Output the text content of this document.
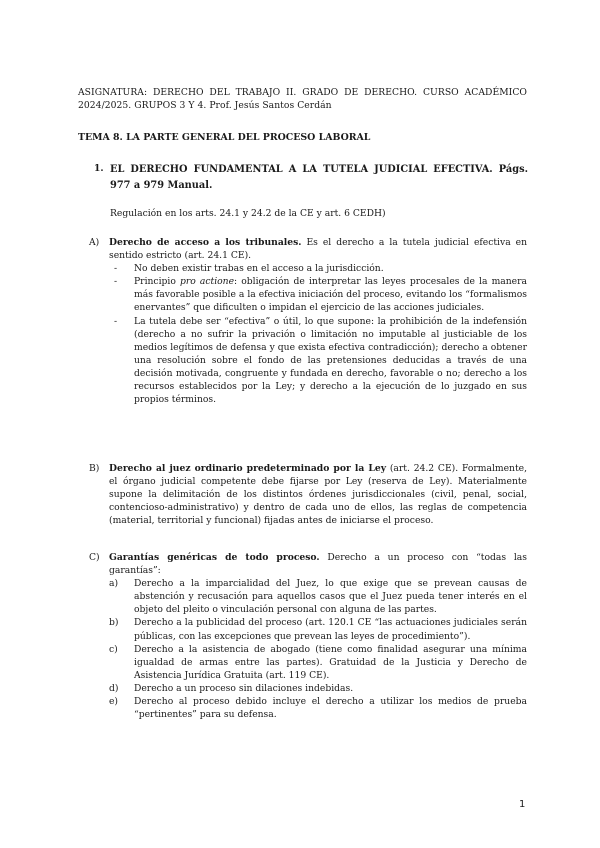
ASIGNATURA: DERECHO DEL TRABAJO II. GRADO DE DERECHO. CURSO ACADÉMICO 2024/2025. GRUPOS 3 Y 4. Prof. Jesús Santos Cerdán
TEMA 8. LA PARTE GENERAL DEL PROCESO LABORAL
1. EL DERECHO FUNDAMENTAL A LA TUTELA JUDICIAL EFECTIVA. Págs. 977 a 979 Manual.
Regulación en los arts. 24.1 y 24.2 de la CE y art. 6 CEDH)
A) Derecho de acceso a los tribunales. Es el derecho a la tutela judicial efectiva en sentido estricto (art. 24.1 CE).
- No deben existir trabas en el acceso a la jurisdicción.
- Principio pro actione: obligación de interpretar las leyes procesales de la manera más favorable posible a la efectiva iniciación del proceso, evitando los “formalismos enervantes” que dificulten o impidan el ejercicio de las acciones judiciales.
- La tutela debe ser “efectiva” o útil, lo que supone: la prohibición de la indefensión (derecho a no sufrir la privación o limitación no imputable al justiciable de los medios legítimos de defensa y que exista efectiva contradicción); derecho a obtener una resolución sobre el fondo de las pretensiones deducidas a través de una decisión motivada, congruente y fundada en derecho, favorable o no; derecho a los recursos establecidos por la Ley; y derecho a la ejecución de lo juzgado en sus propios términos.
B) Derecho al juez ordinario predeterminado por la Ley (art. 24.2 CE). Formalmente, el órgano judicial competente debe fijarse por Ley (reserva de Ley). Materialmente supone la delimitación de los distintos órdenes jurisdiccionales (civil, penal, social, contencioso-administrativo) y dentro de cada uno de ellos, las reglas de competencia (material, territorial y funcional) fijadas antes de iniciarse el proceso.
C) Garantías genéricas de todo proceso. Derecho a un proceso con “todas las garantías”:
a) Derecho a la imparcialidad del Juez, lo que exige que se prevean causas de abstención y recusación para aquellos casos que el Juez pueda tener interés en el objeto del pleito o vinculación personal con alguna de las partes.
b) Derecho a la publicidad del proceso (art. 120.1 CE “las actuaciones judiciales serán públicas, con las excepciones que prevean las leyes de procedimiento”).
c) Derecho a la asistencia de abogado (tiene como finalidad asegurar una mínima igualdad de armas entre las partes). Gratuidad de la Justicia y Derecho de Asistencia Jurídica Gratuita (art. 119 CE).
d) Derecho a un proceso sin dilaciones indebidas.
e) Derecho al proceso debido incluye el derecho a utilizar los medios de prueba “pertinentes” para su defensa.
1
